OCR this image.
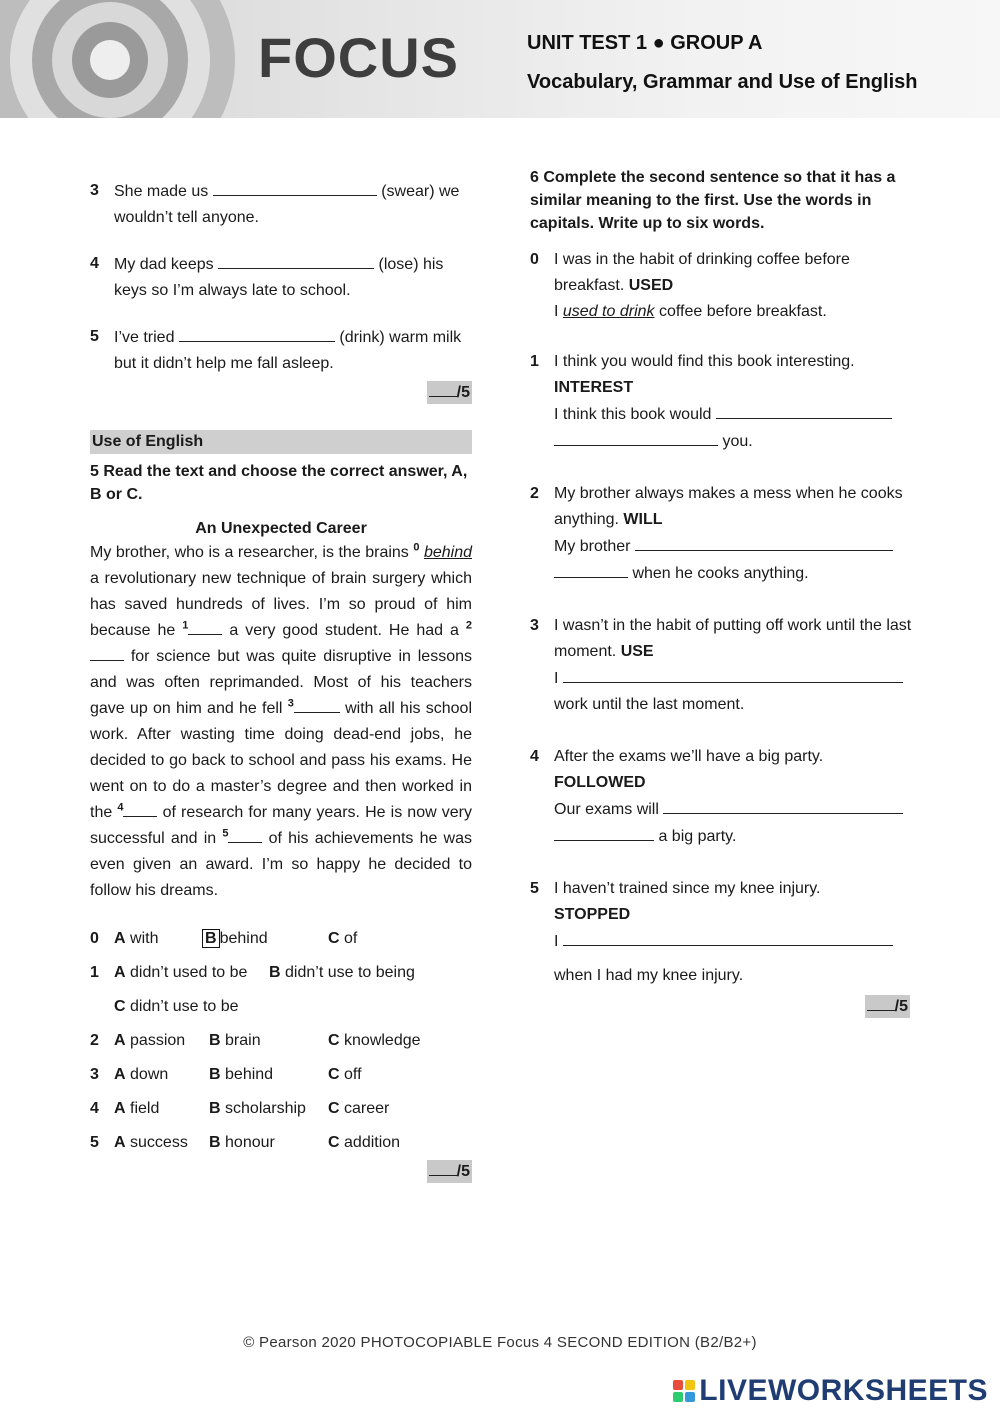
FOCUS	UNIT TEST 1 ● GROUP A
Vocabulary, Grammar and Use of English
3 She made us	(swear) we wouldn’t tell anyone.
4 My dad keeps	(lose) his keys so I’m always late to school.
5 I’ve tried	(drink) warm milk but it didn’t help me fall asleep.
/5
Use of English
5 Read the text and choose the correct answer, A, B or C.
An Unexpected Career
My brother, who is a researcher, is the brains $^0$ behind a revolutionary new technique of brain surgery which has saved hundreds of lives. I’m so proud of him because he $^1$	a very good student. He had a $^2$ for science but was quite disruptive in lessons and was often reprimanded. Most of his teachers gave up on him and he fell $^3$	with all his school work. After wasting time doing dead-end jobs, he decided to go back to school and pass his exams. He went on to do a master’s degree and then worked in the $^4$ of research for many years. He is now very successful and in $^5$	of his achievements he was even given an award. I’m so happy he decided to follow his dreams.
0 A with	B behind	C of
1 A didn’t used to be B didn’t use to being
C didn’t use to be
2 A passion B brain	C knowledge
3 A down	B behind	C off
4 A field	B scholarship C career
5 A success B honour	C addition
/5
6 Complete the second sentence so that it has a similar meaning to the first. Use the words in capitals. Write up to six words.
0 I was in the habit of drinking coffee before breakfast. USED
I used to drink coffee before breakfast.
1 I think you would find this book interesting.
INTEREST
I think this book would
you.
2 My brother always makes a mess when he cooks anything. WILL
My brother
when he cooks anything.
3 I wasn’t in the habit of putting off work until the last moment. USE
I
work until the last moment.
4 After the exams we’ll have a big party.
FOLLOWED
Our exams will
a big party.
5 I haven’t trained since my knee injury.
STOPPED
I

when I had my knee injury.
/5
© Pearson 2020 PHOTOCOPIABLE Focus 4 SECOND EDITION (B2/B2+)
LIVEWORKSHEETS
